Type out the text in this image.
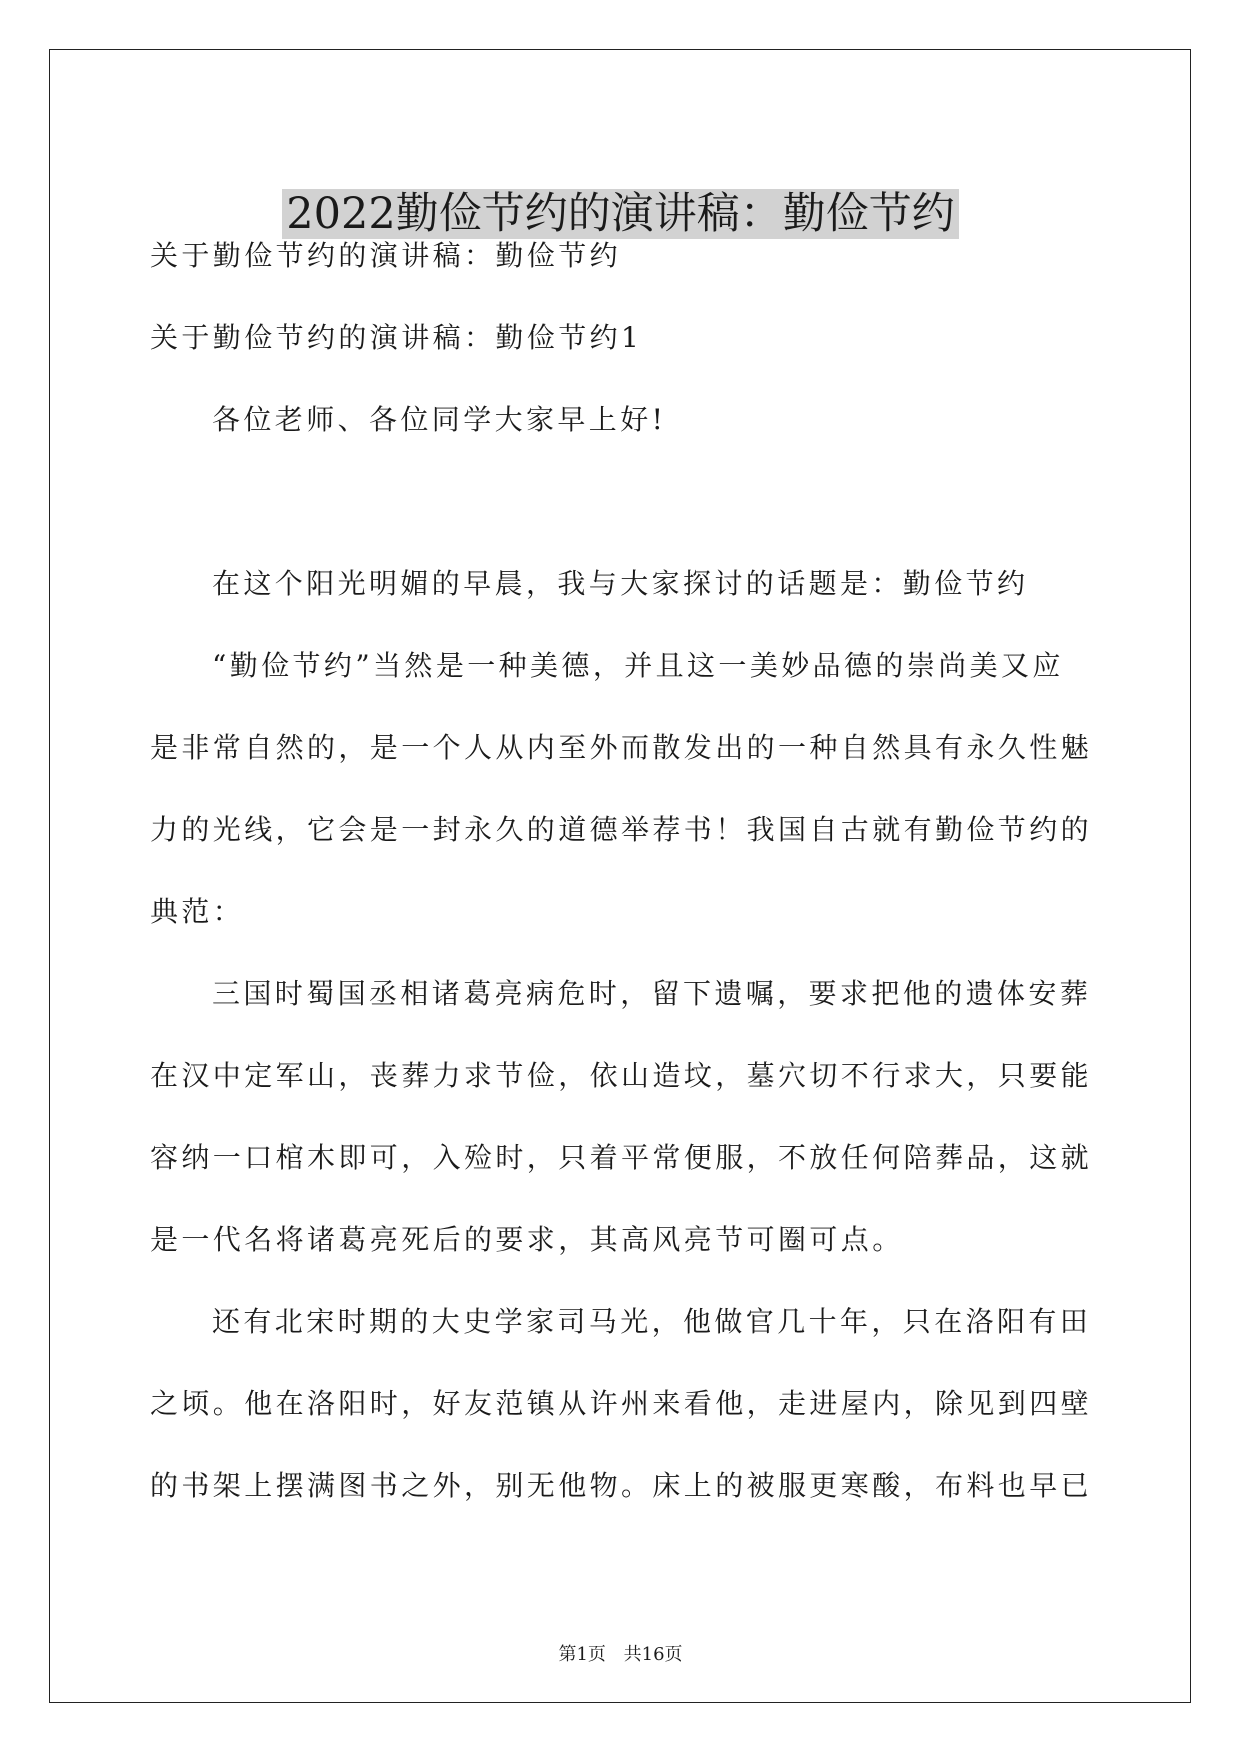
2022勤俭节约的演讲稿：勤俭节约
关于勤俭节约的演讲稿：勤俭节约
关于勤俭节约的演讲稿：勤俭节约1
各位老师、各位同学大家早上好!
在这个阳光明媚的早晨，我与大家探讨的话题是：勤俭节约
“勤俭节约”当然是一种美德，并且这一美妙品德的崇尚美又应
是非常自然的，是一个人从内至外而散发出的一种自然具有永久性魅
力的光线，它会是一封永久的道德举荐书！我国自古就有勤俭节约的
典范：
三国时蜀国丞相诸葛亮病危时，留下遗嘱，要求把他的遗体安葬
在汉中定军山，丧葬力求节俭，依山造坟，墓穴切不行求大，只要能
容纳一口棺木即可，入殓时，只着平常便服，不放任何陪葬品，这就
是一代名将诸葛亮死后的要求，其高风亮节可圈可点。
还有北宋时期的大史学家司马光，他做官几十年，只在洛阳有田
之顷。他在洛阳时，好友范镇从许州来看他，走进屋内，除见到四壁
的书架上摆满图书之外，别无他物。床上的被服更寒酸，布料也早已
第1页 共16页
